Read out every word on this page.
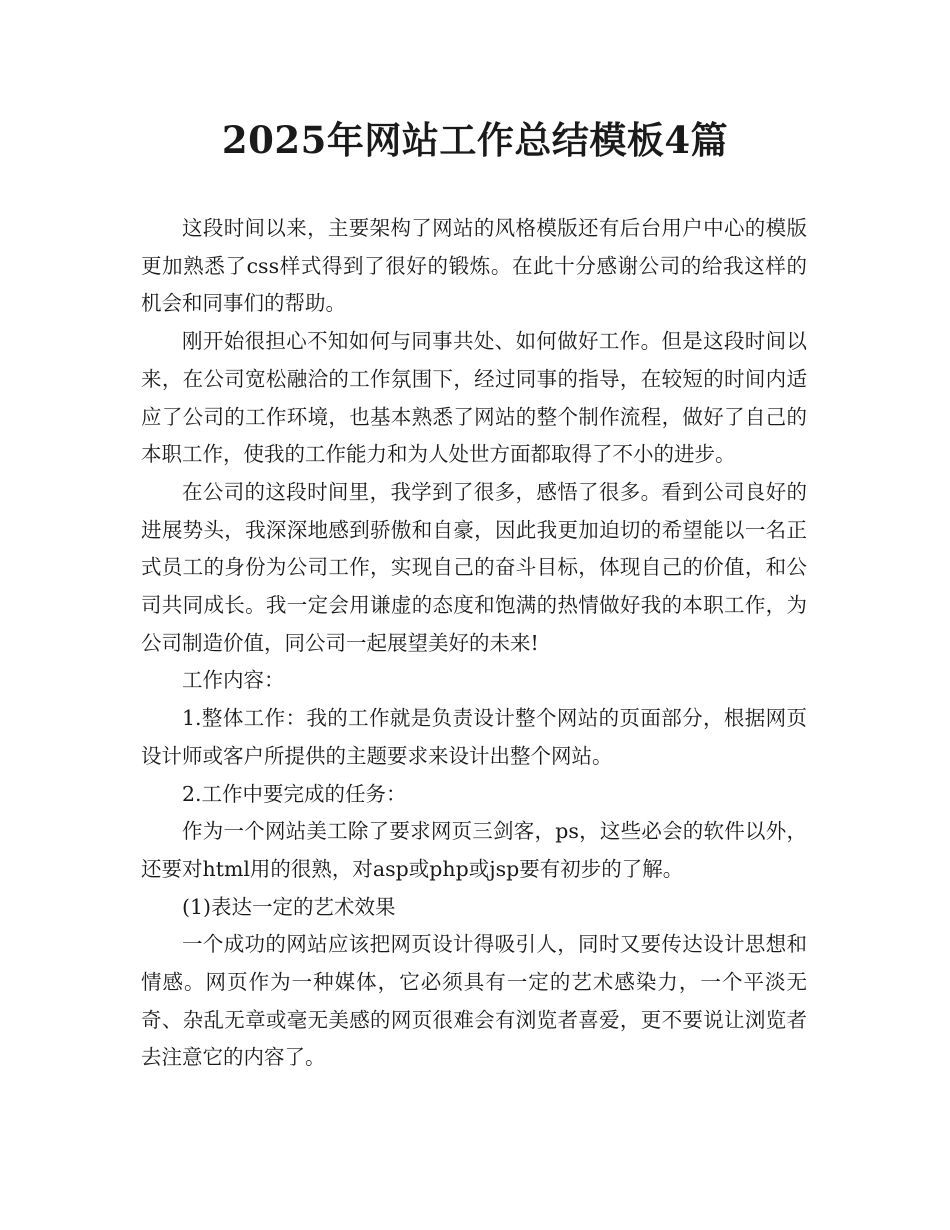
2025年网站工作总结模板4篇

这段时间以来，主要架构了网站的风格模版还有后台用户中心的模版更加熟悉了css样式得到了很好的锻炼。在此十分感谢公司的给我这样的机会和同事们的帮助。

刚开始很担心不知如何与同事共处、如何做好工作。但是这段时间以来，在公司宽松融洽的工作氛围下，经过同事的指导，在较短的时间内适应了公司的工作环境，也基本熟悉了网站的整个制作流程，做好了自己的本职工作，使我的工作能力和为人处世方面都取得了不小的进步。

在公司的这段时间里，我学到了很多，感悟了很多。看到公司良好的进展势头，我深深地感到骄傲和自豪，因此我更加迫切的希望能以一名正式员工的身份为公司工作，实现自己的奋斗目标，体现自己的价值，和公司共同成长。我一定会用谦虚的态度和饱满的热情做好我的本职工作，为公司制造价值，同公司一起展望美好的未来!

工作内容：

1.整体工作：我的工作就是负责设计整个网站的页面部分，根据网页设计师或客户所提供的主题要求来设计出整个网站。

2.工作中要完成的任务：

作为一个网站美工除了要求网页三剑客，ps，这些必会的软件以外，还要对html用的很熟，对asp或php或jsp要有初步的了解。

(1)表达一定的艺术效果

一个成功的网站应该把网页设计得吸引人，同时又要传达设计思想和情感。网页作为一种媒体，它必须具有一定的艺术感染力，一个平淡无奇、杂乱无章或毫无美感的网页很难会有浏览者喜爱，更不要说让浏览者去注意它的内容了。
